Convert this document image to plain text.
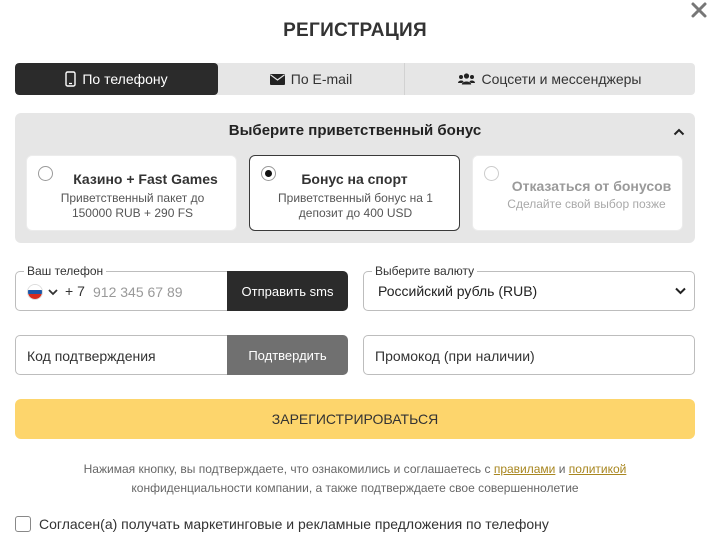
РЕГИСТРАЦИЯ
По телефону	По E-mail	Соцсети и мессенджеры
Выберите приветственный бонус
Казино + Fast Games
Приветственный пакет до
150000 RUB + 290 FS
Бонус на спорт
Приветственный бонус на 1
депозит до 400 USD
Отказаться от бонусов
Сделайте свой выбор позже
Ваш телефон
+ 7
912 345 67 89	Отправить sms
Выберите валюту
Российский рубль (RUB)
Код подтверждения
Подтвердить
Промокод (при наличии)
ЗАРЕГИСТРИРОВАТЬСЯ
Нажимая кнопку, вы подтверждаете, что ознакомились и соглашаетесь с правилами и политикой
конфиденциальности компании, а также подтверждаете свое совершеннолетие
Согласен(а) получать маркетинговые и рекламные предложения по телефону
